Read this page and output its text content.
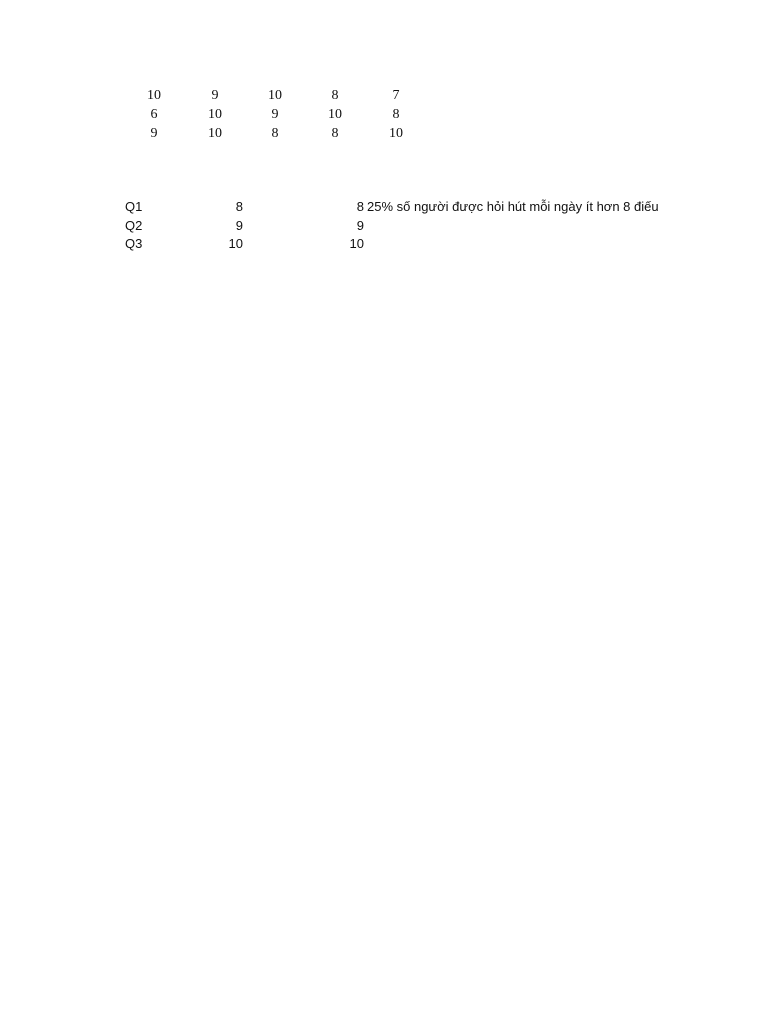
10	9	10	8	7
6	10	9	10	8
9	10	8	8	10
Q1	8	8 25% số người được hỏi hút mỗi ngày ít hơn 8 điếu
Q2	9	9
Q3	10	10
